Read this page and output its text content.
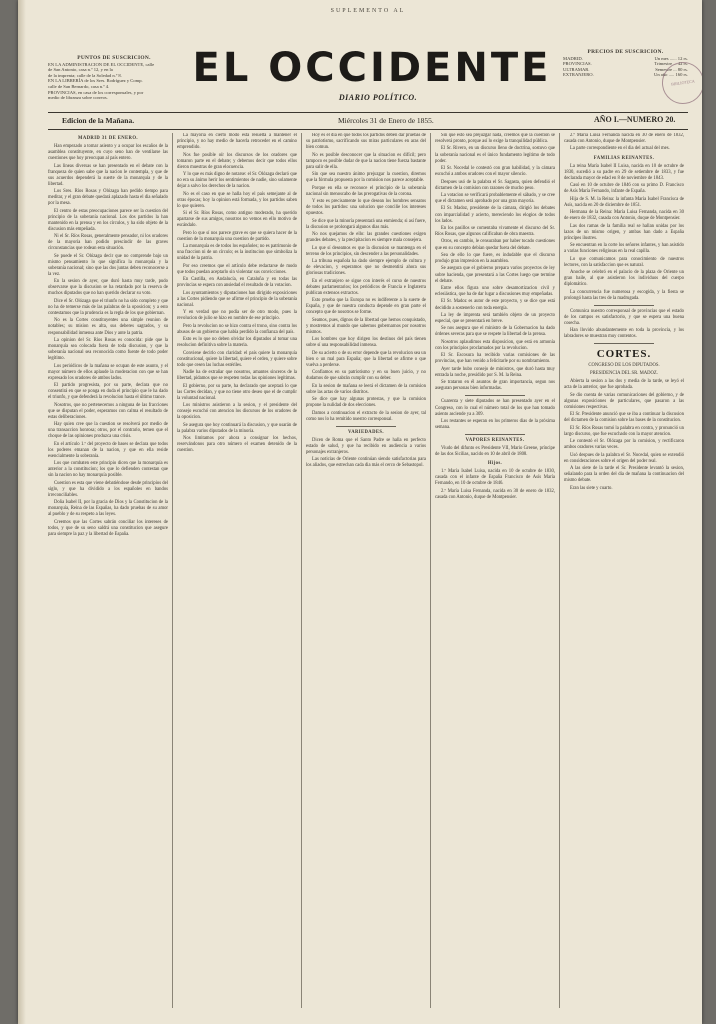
SUPLEMENTO AL
PUNTOS DE SUSCRICION.

EN LA ADMINISTRACION DE EL OCCIDENTE, calle

de San Antonio, casa n.º 12, y en la

de la imprenta; calle de la Soledad n.º 8.

EN LA LIBRERÍA de los Sres. Rodríguez y Comp.

calle de San Bernardo, casa n.º 4.

PROVINCIAS, en casa de los corresponsales, y por

medio de libranza sobre correos.

EL OCCIDENTE
DIARIO POLÍTICO.
PRECIOS DE SUSCRICION.
MADRID.	Un mes ...... 12 rs.
PROVINCIAS.	Trimestre ... 42 rs.
ULTRAMAR.	Semestre ... 80 rs.
EXTRANJERO.	Un año ..... 160 rs.
BIBLIOTECA
Edicion de la Mañana.	Miércoles 31 de Enero de 1855.	AÑO I.—NUMERO 20.

MADRID 31 DE ENERO.

Han empezado a tomar asiento y a ocupar los escaños de la asamblea constituyente, en cuyo seno han de ventilarse las cuestiones que hoy preocupan al país entero.

Las lineas diversas se han presentado en el debate con la franqueza de quien sabe que la nacion le contempla, y que de sus acuerdos dependerá la suerte de la monarquía y de la libertad.

Los Sres. Ríos Rosas y Olózaga han pedido tiempo para meditar, y el gran debate quedará aplazado hasta el dia señalado por la mesa.

El centro de estas preocupaciones parece ser la cuestion del principio de la soberanía nacional. Los dos partidos la han mantenido en la prensa y en los círculos, y ha sido objeto de la discusion más empeñada.

Ni el Sr. Ríos Rosas, generalmente pensador, ni los oradores de la mayoría han podido prescindir de las graves circunstancias que rodean esta situación.

Se puede el Sr. Olózaga decir que no comprende bajo un mismo pensamiento lo que significa la monarquía y la soberanía nacional; sino que las dos juntas deben reconocerse a la vez.

En la sesion de ayer, que duró hasta muy tarde, pudo observarse que la discusion se ha retardado por la reserva de muchos diputados que no han querido declarar su voto.

Dice el Sr. Olózaga que el triunfo no ha sido completo y que no ha de temerse más de las palabras de la oposicion; y a esto contestamos que la prudencia es la regla de los que gobiernan.

No es la Cortes constituyentes una simple reunion de notables; su mision es alta, sus deberes sagrados, y su responsabilidad inmensa ante Dios y ante la patria.

La opinion del Sr. Ríos Rosas es conocida: pide que la monarquía sea colocada fuera de toda discusion, y que la soberanía nacional sea reconocida como fuente de todo poder legítimo.

Los periódicos de la mañana se ocupan de este asunto, y el mayor número de ellos aplaude la moderacion con que se han expresado los oradores de ambos lados.

El partido progresista, por su parte, declara que no consentirá en que se ponga en duda el principio que le ha dado el triunfo, y que defenderá la revolucion hasta el último trance.

Nosotros, que no pertenecemos a ninguna de las fracciones que se disputan el poder, esperamos con calma el resultado de estas deliberaciones.

Hay quien cree que la cuestion se resolverá por medio de una transaccion honrosa; otros, por el contrario, temen que el choque de las opiniones produzca una crisis.

En el artículo 1.º del proyecto de bases se declara que todos los poderes emanan de la nacion, y que en ella reside esencialmente la soberanía.

Los que combaten este principio dicen que la monarquía es anterior a la constitucion; los que lo defienden contestan que sin la nacion no hay monarquía posible.

Cuestion es esta que viene debatiéndose desde principios del siglo, y que ha dividido a los españoles en bandos irreconciliables.

Doña Isabel II, por la gracia de Dios y la Constitucion de la monarquía, Reina de las Españas, ha dado pruebas de su amor al pueblo y de su respeto a las leyes.

Creemos que las Cortes sabrán conciliar los intereses de todos, y que de su seno saldrá una constitucion que asegure para siempre la paz y la libertad de España.

La mayoría en cierto modo está resuelta a mantener el principio, y no hay medio de hacerla retroceder en el camino emprendido.

Nos fue posible oír los discursos de los oradores que tomaron parte en el debate; y debemos decir que todos ellos dieron muestras de gran elocuencia.

Y lo que es más digno de notarse: el Sr. Olózaga declaró que no era su ánimo herir los sentimientos de nadie, sino solamente dejar a salvo los derechos de la nacion.

No es el caso en que se halla hoy el país semejante al de otras épocas; hoy la opinion está formada, y los partidos saben lo que quieren.

Si el Sr. Ríos Rosas, como antiguo moderado, ha querido apartarse de sus amigos, nosotros no vemos en ello motivo de escándalo.

Pero lo que sí nos parece grave es que se quiera hacer de la cuestion de la monarquía una cuestion de partido.

La monarquía es de todos los españoles; no es patrimonio de una fraccion ni de un círculo; es la institucion que simboliza la unidad de la patria.

Por eso creemos que el artículo debe redactarse de modo que todos puedan aceptarlo sin violentar sus convicciones.

En Castilla, en Andalucía, en Cataluña y en todas las provincias se espera con ansiedad el resultado de la votacion.

Los ayuntamientos y diputaciones han dirigido exposiciones a las Cortes pidiendo que se afirme el principio de la soberanía nacional.

Y en verdad que no podía ser de otro modo, pues la revolucion de julio se hizo en nombre de ese principio.

Pero la revolucion no se hizo contra el trono, sino contra los abusos de un gobierno que había perdido la confianza del país.

Esto es lo que no deben olvidar los diputados al tomar una resolucion definitiva sobre la materia.

Conviene decirlo con claridad: el país quiere la monarquía constitucional, quiere la libertad, quiere el orden, y quiere sobre todo que cesen las luchas estériles.

Nadie ha de extrañar que nosotros, amantes sinceros de la libertad, pidamos que se respeten todas las opiniones legítimas.

El gobierno, por su parte, ha declarado que aceptará lo que las Cortes decidan, y que no tiene otro deseo que el de cumplir la voluntad nacional.

Los ministros asistieron a la sesion, y el presidente del consejo escuchó con atencion los discursos de los oradores de la oposicion.

Se asegura que hoy continuará la discusion, y que usarán de la palabra varios diputados de la minoría.

Nos limitamos por ahora a consignar los hechos, reservándonos para otro número el examen detenido de la cuestion.

Hoy es el dia en que todos los partidos deben dar pruebas de su patriotismo, sacrificando sus miras particulares en aras del bien comun.

No es posible desconocer que la situacion es difícil; pero tampoco es posible dudar de que la nacion tiene fuerza bastante para salir de ella.

Sin que sea nuestro ánimo prejuzgar la cuestion, diremos que la fórmula propuesta por la comision nos parece aceptable.

Porque en ella se reconoce el principio de la soberanía nacional sin menoscabo de las prerogativas de la corona.

Y esto es precisamente lo que desean los hombres sensatos de todos los partidos: una solucion que concilie los intereses opuestos.

Se dice que la minoría presentará una enmienda; si así fuere, la discusion se prolongará algunos dias más.

No nos quejamos de ello: las grandes cuestiones exigen grandes debates, y la precipitacion es siempre mala consejera.

Lo que sí deseamos es que la discusion se mantenga en el terreno de los principios, sin descender a las personalidades.

La tribuna española ha dado siempre ejemplo de cultura y de elevacion, y esperamos que no desmentirá ahora sus gloriosas tradiciones.

En el extranjero se sigue con interés el curso de nuestros debates parlamentarios; los periódicos de Francia e Inglaterra publican extensos extractos.

Esto prueba que la Europa no es indiferente a la suerte de España, y que de nuestra conducta depende en gran parte el concepto que de nosotros se forme.

Seamos, pues, dignos de la libertad que hemos conquistado, y mostremos al mundo que sabemos gobernarnos por nosotros mismos.

Los hombres que hoy dirigen los destinos del país tienen sobre sí una responsabilidad inmensa.

De su acierto o de su error depende que la revolucion sea un bien o un mal para España; que la libertad se afirme o que vuelva a perderse.

Confiamos en su patriotismo y en su buen juicio, y no dudamos de que sabrán cumplir con su deber.

En la sesion de mañana se leerá el dictamen de la comision sobre las actas de varios distritos.

Se dice que hay algunas protestas, y que la comision propone la nulidad de dos elecciones.

Damos a continuacion el extracto de la sesion de ayer, tal como nos lo ha remitido nuestro corresponsal.

VARIEDADES.

Dicen de Roma que el Santo Padre se halla en perfecto estado de salud, y que ha recibido en audiencia a varios personajes extranjeros.

Las noticias de Oriente continúan siendo satisfactorias para los aliados, que estrechan cada dia más el cerco de Sebastopol.

Sin que esto sea prejuzgar nada, creemos que la cuestion se resolverá pronto, porque así lo exige la tranquilidad pública.

El Sr. Rivero, en un discurso lleno de doctrina, sostuvo que la soberanía nacional es el único fundamento legítimo de todo poder.

El Sr. Nocedal le contestó con gran habilidad, y la cámara escuchó a ambos oradores con el mayor silencio.

Despues usó de la palabra el Sr. Sagasta, quien defendió el dictamen de la comision con razones de mucho peso.

La votacion se verificará probablemente el sábado, y se cree que el dictamen será aprobado por una gran mayoría.

El Sr. Madoz, presidente de la cámara, dirigió los debates con imparcialidad y acierto, mereciendo los elogios de todos los lados.

En los pasillos se comentaba vivamente el discurso del Sr. Ríos Rosas, que algunos calificaban de obra maestra.

Otros, en cambio, le censuraban por haber tocado cuestiones que en su concepto debían quedar fuera del debate.

Sea de ello lo que fuere, es indudable que el discurso produjo gran impresion en la asamblea.

Se asegura que el gobierno prepara varios proyectos de ley sobre hacienda, que presentará a las Cortes luego que termine el debate.

Entre ellos figura uno sobre desamortizacion civil y eclesiástica, que ha de dar lugar a discusiones muy empeñadas.

El Sr. Madoz es autor de este proyecto, y se dice que está decidido a sostenerlo con toda energía.

La ley de imprenta será también objeto de un proyecto especial, que se presentará en breve.

Se nos asegura que el ministro de la Gobernacion ha dado órdenes severas para que se respete la libertad de la prensa.

Nosotros aplaudimos esta disposicion, que está en armonía con los principios proclamados por la revolucion.

El Sr. Escosura ha recibido varias comisiones de las provincias, que han venido a felicitarle por su nombramiento.

Ayer tarde hubo consejo de ministros, que duró hasta muy entrada la noche, presidido por S. M. la Reina.

Se trataron en él asuntos de gran importancia, segun nos aseguran personas bien informadas.

Cuarenta y siete diputados se han presentado ayer en el Congreso, con lo cual el número total de los que han tomado asiento asciende ya a 309.

Los restantes se esperan en los primeros dias de la próxima semana.

VAPORES REINANTES.

Viudo del difunto ex Presidente VII, Mario Greene, príncipe de las dos Sicilias, nacido en 10 de abril de 1808.

Hijos.

1.º María Isabel Luisa, nacida en 10 de octubre de 1830, casada con el infante de España Francisco de Asís María Fernando, en 10 de octubre de 1846.

2.º María Luisa Fernanda, nacida en 30 de enero de 1832, casada con Antonio, duque de Montpensier.

2.º María Luisa Fernanda nacida en 30 de enero de 1832, casada con Antonio, duque de Montpensier.

La parte correspondiente en el dia del actual del mes.

FAMILIAS REINANTES.

La reina María Isabel II Luisa, nacida en 10 de octubre de 1830, sucedió a su padre en 29 de setiembre de 1833, y fue declarada mayor de edad en 8 de noviembre de 1843.

Casó en 10 de octubre de 1846 con su primo D. Francisco de Asís María Fernando, infante de España.

Hija de S. M. la Reina: la infanta María Isabel Francisca de Asís, nacida en 20 de diciembre de 1851.

Hermana de la Reina: María Luisa Fernanda, nacida en 30 de enero de 1832, casada con Antonio, duque de Montpensier.

Las dos ramas de la familia real se hallan unidas por los lazos de un mismo origen, y ambas han dado a España príncipes ilustres.

Se encuentran en la corte los señores infantes, y han asistido a varias funciones religiosas en la real capilla.

Lo que comunicamos para conocimiento de nuestros lectores, con la satisfaccion que es natural.

Anoche se celebró en el palacio de la plaza de Oriente un gran baile, al que asistieron los individuos del cuerpo diplomático.

La concurrencia fue numerosa y escogida, y la fiesta se prolongó hasta las tres de la madrugada.

Comunica nuestro corresponsal de provincias que el estado de los campos es satisfactorio, y que se espera una buena cosecha.

Han llovido abundantemente en toda la provincia, y los labradores se muestran muy contentos.

CORTES.

CONGRESO DE LOS DIPUTADOS.

PRESIDENCIA DEL SR. MADOZ.

Abierta la sesion a las dos y media de la tarde, se leyó el acta de la anterior, que fue aprobada.

Se dio cuenta de varias comunicaciones del gobierno, y de algunas exposiciones de particulares, que pasaron a las comisiones respectivas.

El Sr. Presidente anunció que se iba a continuar la discusion del dictamen de la comision sobre las bases de la constitucion.

El Sr. Ríos Rosas tomó la palabra en contra, y pronunció un largo discurso, que fue escuchado con la mayor atencion.

Le contestó el Sr. Olózaga por la comision, y rectificaron ambos oradores varias veces.

Usó despues de la palabra el Sr. Nocedal, quien se extendió en consideraciones sobre el origen del poder real.

A las siete de la tarde el Sr. Presidente levantó la sesion, señalando para la orden del dia de mañana la continuacion del mismo debate.

Eran las siete y cuarto.
